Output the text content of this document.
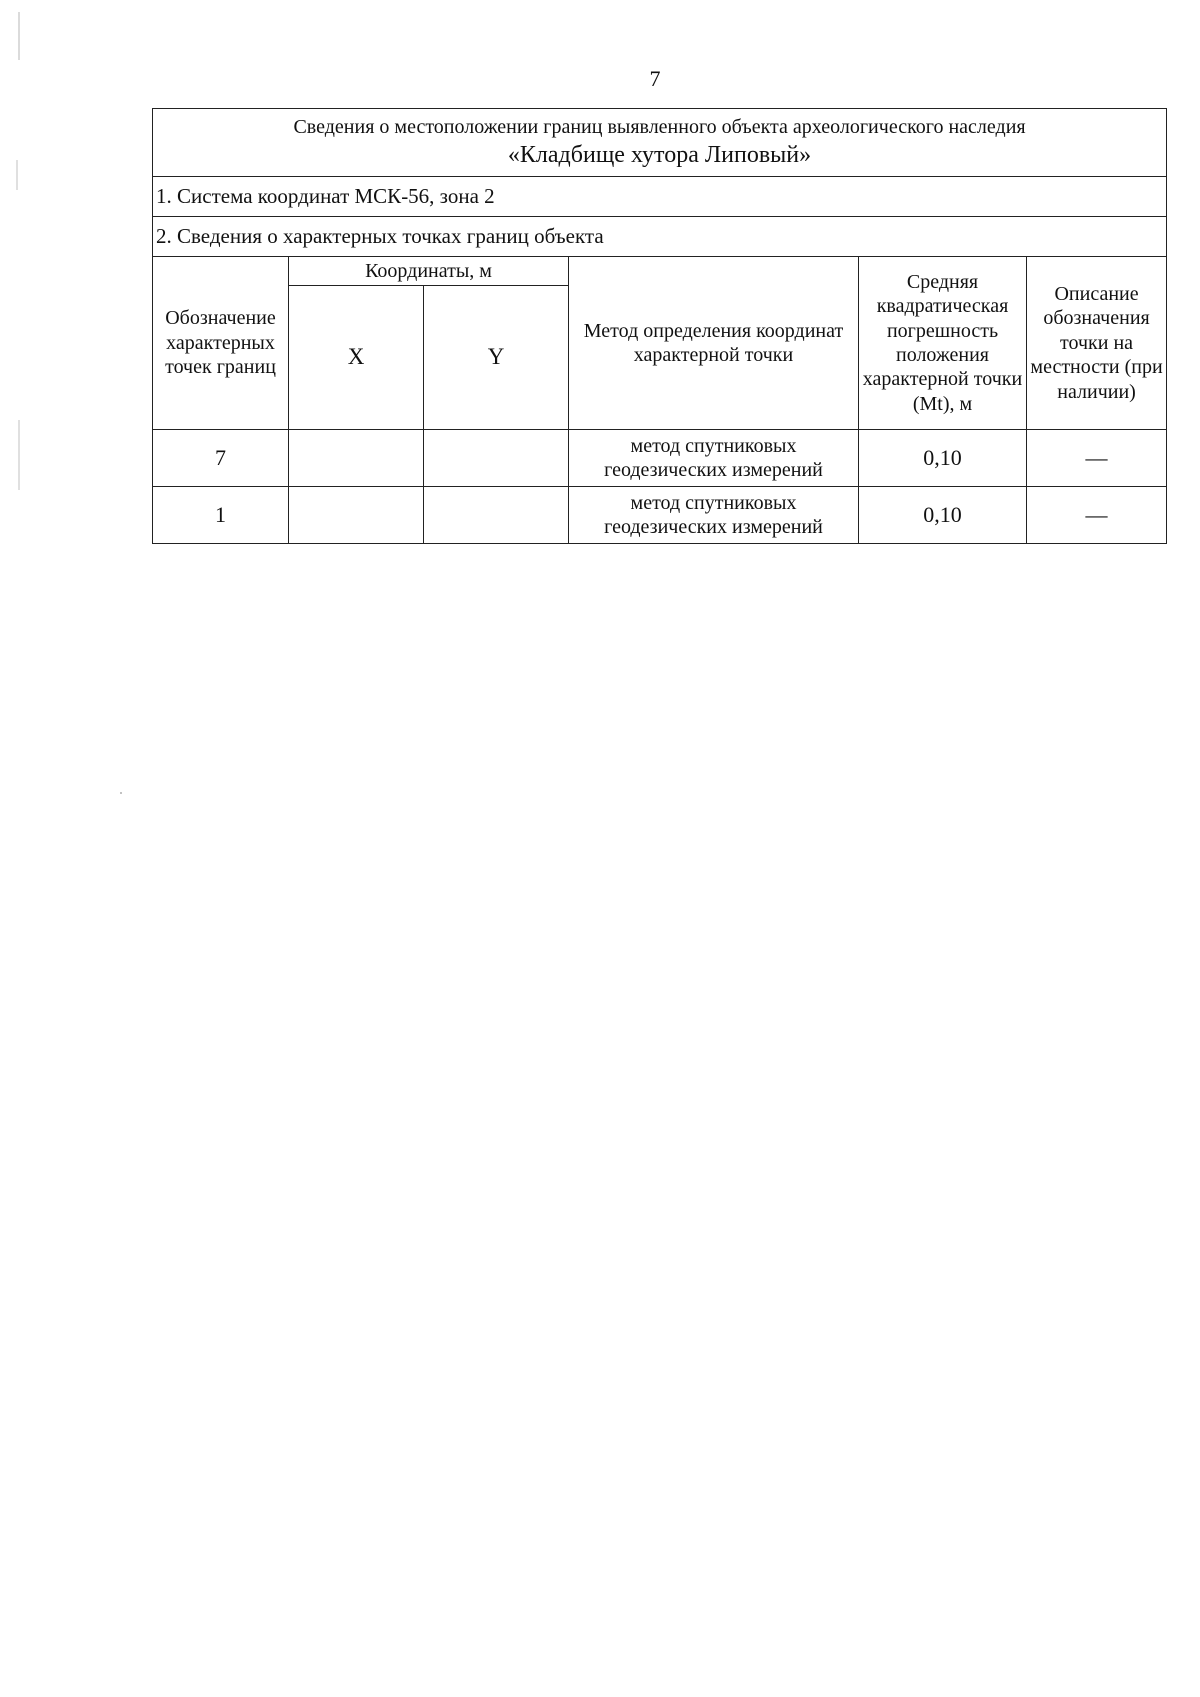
7
Сведения о местоположении границ выявленного объекта археологического наследия
«Кладбище хутора Липовый»					

1. Система координат МСК-56, зона 2					
2. Сведения о характерных точках границ объекта					
Обозначение характерных точек границ	Координаты, м		Метод определения координат характерной точки	Средняя квадратическая погрешность положения характерной точки (Mt), м	Описание обозначения точки на местности (при наличии)
	X	Y			
7			метод спутниковых геодезических измерений	0,10	—
1			метод спутниковых геодезических измерений	0,10	—
